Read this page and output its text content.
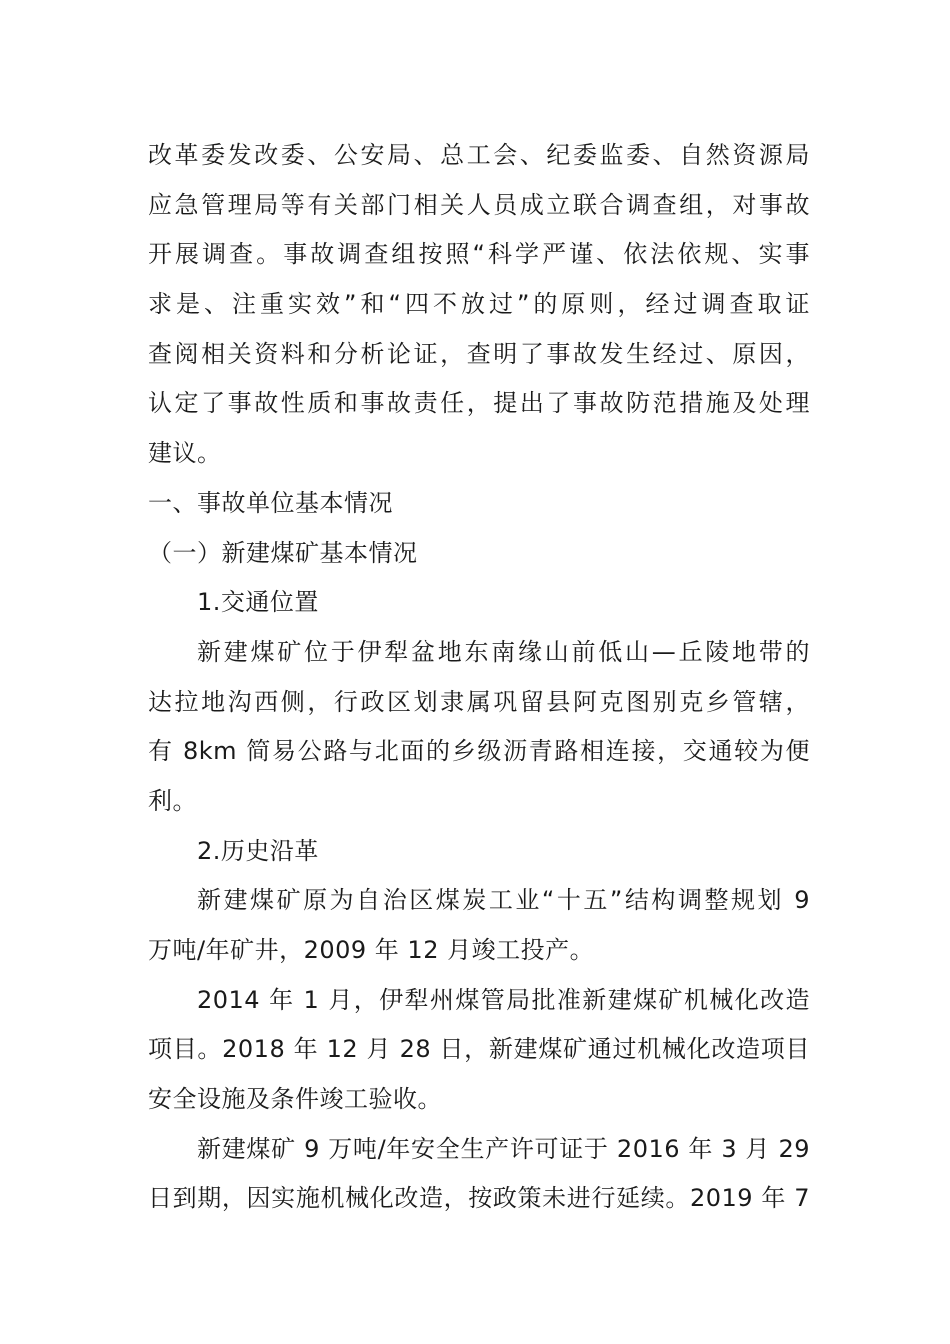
改革委发改委、公安局、总工会、纪委监委、自然资源局

应急管理局等有关部门相关人员成立联合调查组，对事故

开展调查。事故调查组按照“科学严谨、依法依规、实事

求是、注重实效”和“四不放过”的原则，经过调查取证

查阅相关资料和分析论证，查明了事故发生经过、原因，

认定了事故性质和事故责任，提出了事故防范措施及处理

建议。

一、事故单位基本情况

（一）新建煤矿基本情况

1.交通位置

新建煤矿位于伊犁盆地东南缘山前低山—丘陵地带的

达拉地沟西侧，行政区划隶属巩留县阿克图别克乡管辖，

有 8km 简易公路与北面的乡级沥青路相连接，交通较为便

利。

2.历史沿革

新建煤矿原为自治区煤炭工业“十五”结构调整规划 9

万吨/年矿井，2009 年 12 月竣工投产。

2014 年 1 月，伊犁州煤管局批准新建煤矿机械化改造

项目。2018 年 12 月 28 日，新建煤矿通过机械化改造项目

安全设施及条件竣工验收。

新建煤矿 9 万吨/年安全生产许可证于 2016 年 3 月 29

日到期，因实施机械化改造，按政策未进行延续。2019 年 7
